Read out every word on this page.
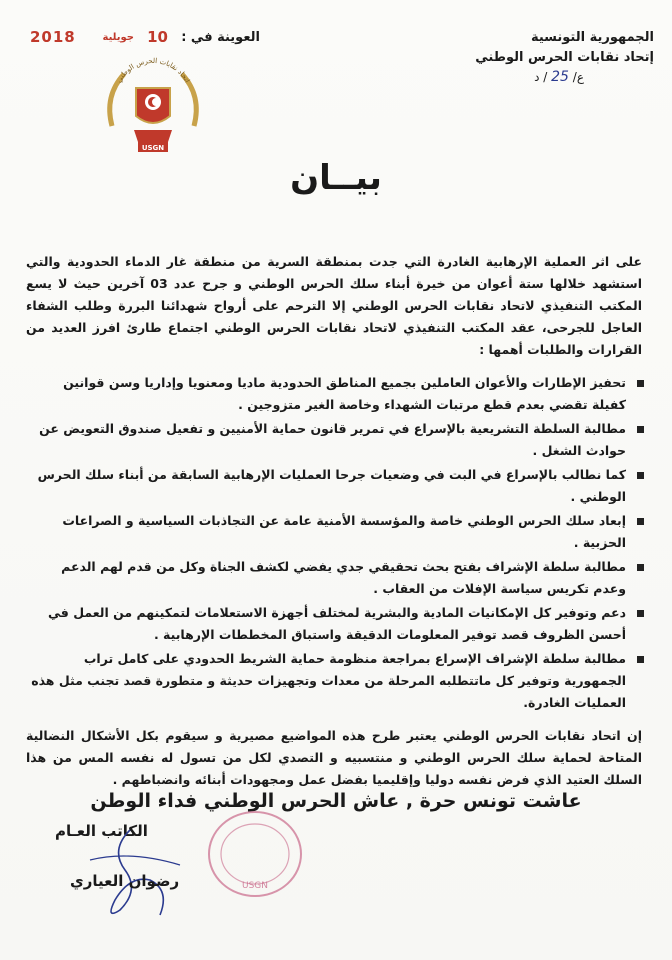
الجمهورية التونسية
إتحاد نقابات الحرس الوطني
ع/ 25 / د
العوينة في :
10
جويلية
2018
اتحاد نقابات الحرس الوطني
USGN
بيــان

على اثر العملية الإرهابية الغادرة التي جدت بمنطقة السرية من منطقة غار الدماء الحدودية والتي استشهد خلالها ستة أعوان من خيرة أبناء سلك الحرس الوطني و جرح عدد 03 آخرين حيث لا يسع المكتب التنفيذي لاتحاد نقابات الحرس الوطني إلا الترحم على أرواح شهدائنا البررة وطلب الشفاء العاجل للجرحى، عقد المكتب التنفيذي لاتحاد نقابات الحرس الوطني اجتماع طارئ افرز العديد من القرارات والطلبات أهمها :

تحفيز الإطارات والأعوان العاملين بجميع المناطق الحدودية ماديا ومعنويا وإداريا وسن قوانين كفيلة تقضي بعدم قطع مرتبات الشهداء وخاصة الغير متزوجين .
مطالبة السلطة التشريعية بالإسراع في تمرير قانون حماية الأمنيين و تفعيل صندوق التعويض عن حوادث الشغل .
كما نطالب بالإسراع في البت في وضعيات جرحا العمليات الإرهابية السابقة من أبناء سلك الحرس الوطني .
إبعاد سلك الحرس الوطني خاصة والمؤسسة الأمنية عامة عن التجاذبات السياسية و الصراعات الحزبية .
مطالبة سلطة الإشراف بفتح بحث تحقيقي جدي يفضي لكشف الجناة وكل من قدم لهم الدعم وعدم تكريس سياسة الإفلات من العقاب .
دعم وتوفير كل الإمكانيات المادية والبشرية لمختلف أجهزة الاستعلامات لتمكينهم من العمل في أحسن الظروف قصد توفير المعلومات الدقيقة واستباق المخططات الإرهابية .
مطالبة سلطة الإشراف الإسراع بمراجعة منظومة حماية الشريط الحدودي على كامل تراب الجمهورية وتوفير كل ماتتطلبه المرحلة من معدات وتجهيزات حديثة و متطورة قصد تجنب مثل هذه العمليات الغادرة.

إن اتحاد نقابات الحرس الوطني يعتبر طرح هذه المواضيع مصيرية و سيقوم بكل الأشكال النضالية المتاحة لحماية سلك الحرس الوطني و منتسبيه و التصدي لكل من تسول له نفسه المس من هذا السلك العتيد الذي فرض نفسه دوليا وإقليميا بفضل عمل ومجهودات أبنائه وانضباطهم .

عاشت تونس حرة , عاش الحرس الوطني فداء الوطن
الكاتب العـام
رضوان العياري	USGN
